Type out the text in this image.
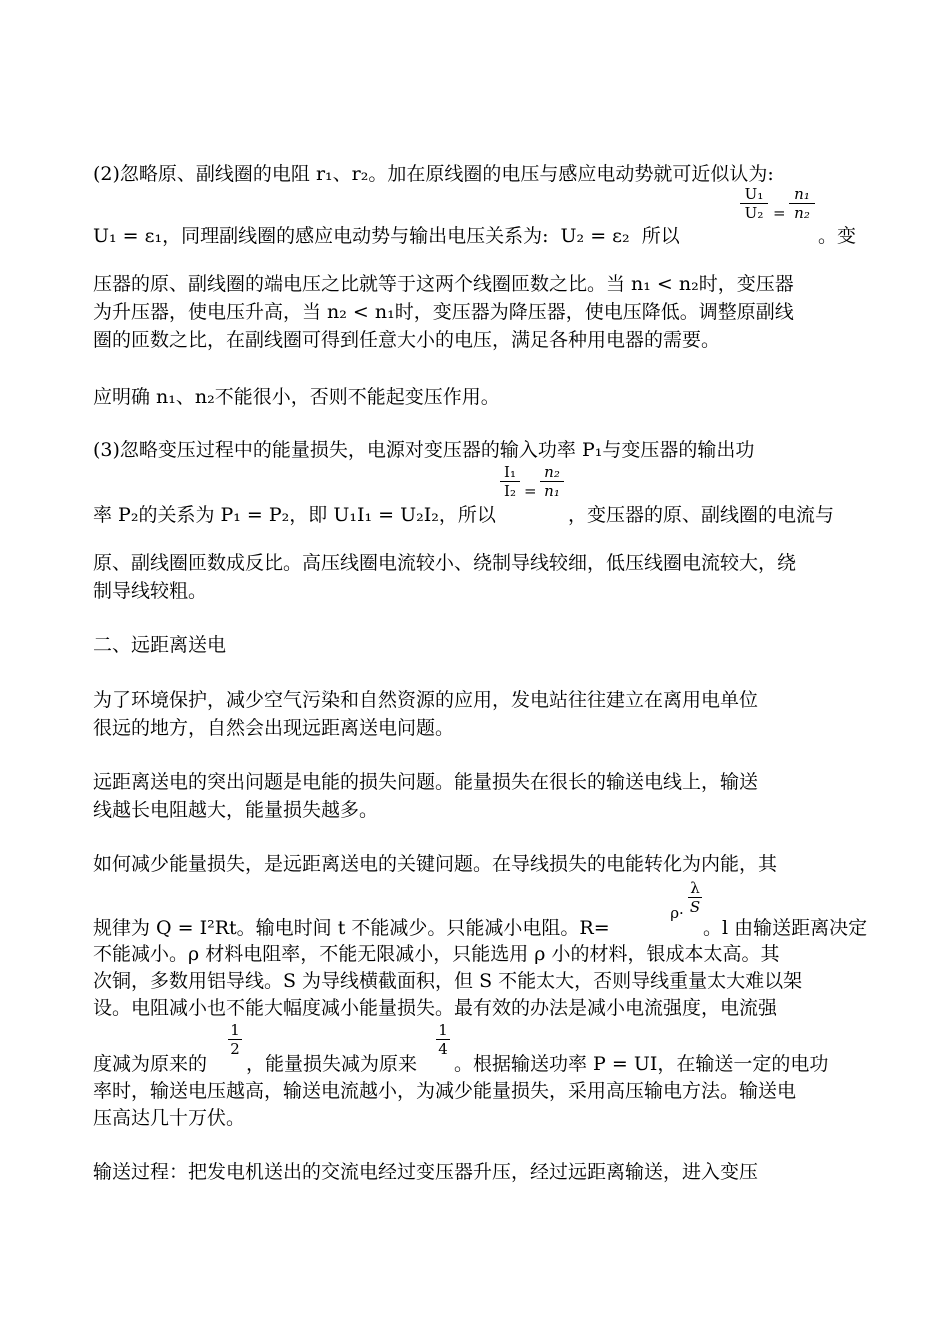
(2)忽略原、副线圈的电阻 r₁、r₂。加在原线圈的电压与感应电动势就可近似认为:
U₁ = ε₁，同理副线圈的感应电动势与输出电压关系为: U₂ = ε₂ 所以
U₁
U₂ =
n₁
n₂
。变
压器的原、副线圈的端电压之比就等于这两个线圈匝数之比。当 n₁ < n₂时，变压器
为升压器，使电压升高，当 n₂ < n₁时，变压器为降压器，使电压降低。调整原副线
圈的匝数之比，在副线圈可得到任意大小的电压，满足各种用电器的需要。
应明确 n₁、n₂不能很小，否则不能起变压作用。
(3)忽略变压过程中的能量损失，电源对变压器的输入功率 P₁与变压器的输出功
率 P₂的关系为 P₁ = P₂，即 U₁I₁ = U₂I₂，所以
I₁
I₂ =
n₂
n₁
，变压器的原、副线圈的电流与
原、副线圈匝数成反比。高压线圈电流较小、绕制导线较细，低压线圈电流较大，绕
制导线较粗。
二、远距离送电
为了环境保护，减少空气污染和自然资源的应用，发电站往往建立在离用电单位
很远的地方，自然会出现远距离送电问题。
远距离送电的突出问题是电能的损失问题。能量损失在很长的输送电线上，输送
线越长电阻越大，能量损失越多。
如何减少能量损失，是远距离送电的关键问题。在导线损失的电能转化为内能，其
规律为 Q = I²Rt。输电时间 t 不能减少。只能减小电阻。R=
ρ·
λ
S
。l 由输送距离决定
不能减小。ρ 材料电阻率，不能无限减小，只能选用 ρ 小的材料，银成本太高。其
次铜，多数用铝导线。S 为导线横截面积，但 S 不能太大，否则导线重量太大难以架
设。电阻减小也不能大幅度减小能量损失。最有效的办法是减小电流强度，电流强
度减为原来的
1
2
，能量损失减为原来
1
4
。根据输送功率 P = UI，在输送一定的电功
率时，输送电压越高，输送电流越小，为减少能量损失，采用高压输电方法。输送电
压高达几十万伏。
输送过程：把发电机送出的交流电经过变压器升压，经过远距离输送，进入变压
